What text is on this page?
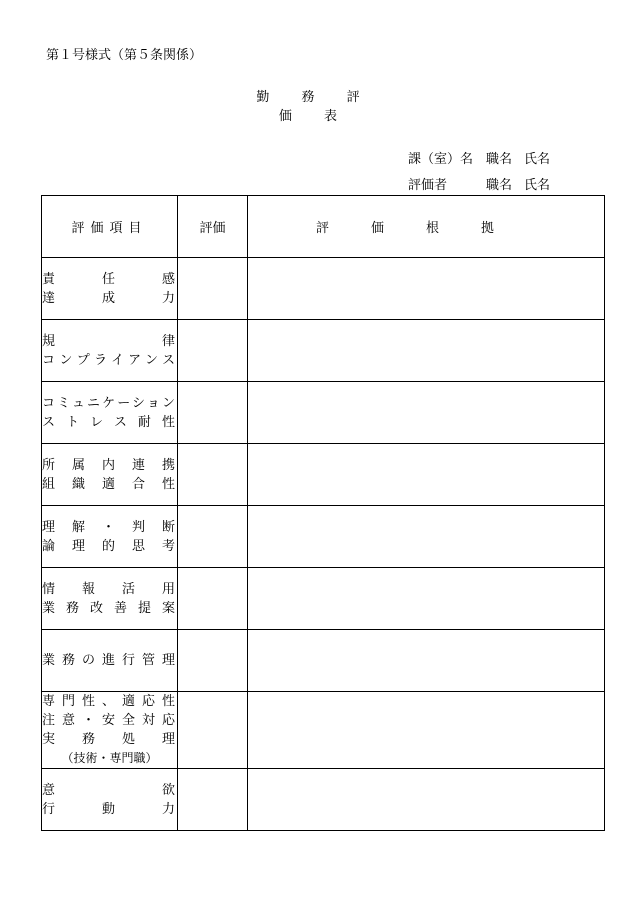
第１号様式（第５条関係）
勤 務 評 価 表
課（室）名 職名 氏名
評価者	職名 氏名
評価項目	評価	評価根拠

責任感
達成力		

規律
コンプライアンス		

コミュニケーション
ストレス耐性		

所属内連携
組織適合性		

理解・判断
論理的思考		

情報活用
業務改善提案		

業務の進行管理		

専門性、適応性
注意・安全対応
実務処理
（技術・専門職）		

意欲
行動力		
